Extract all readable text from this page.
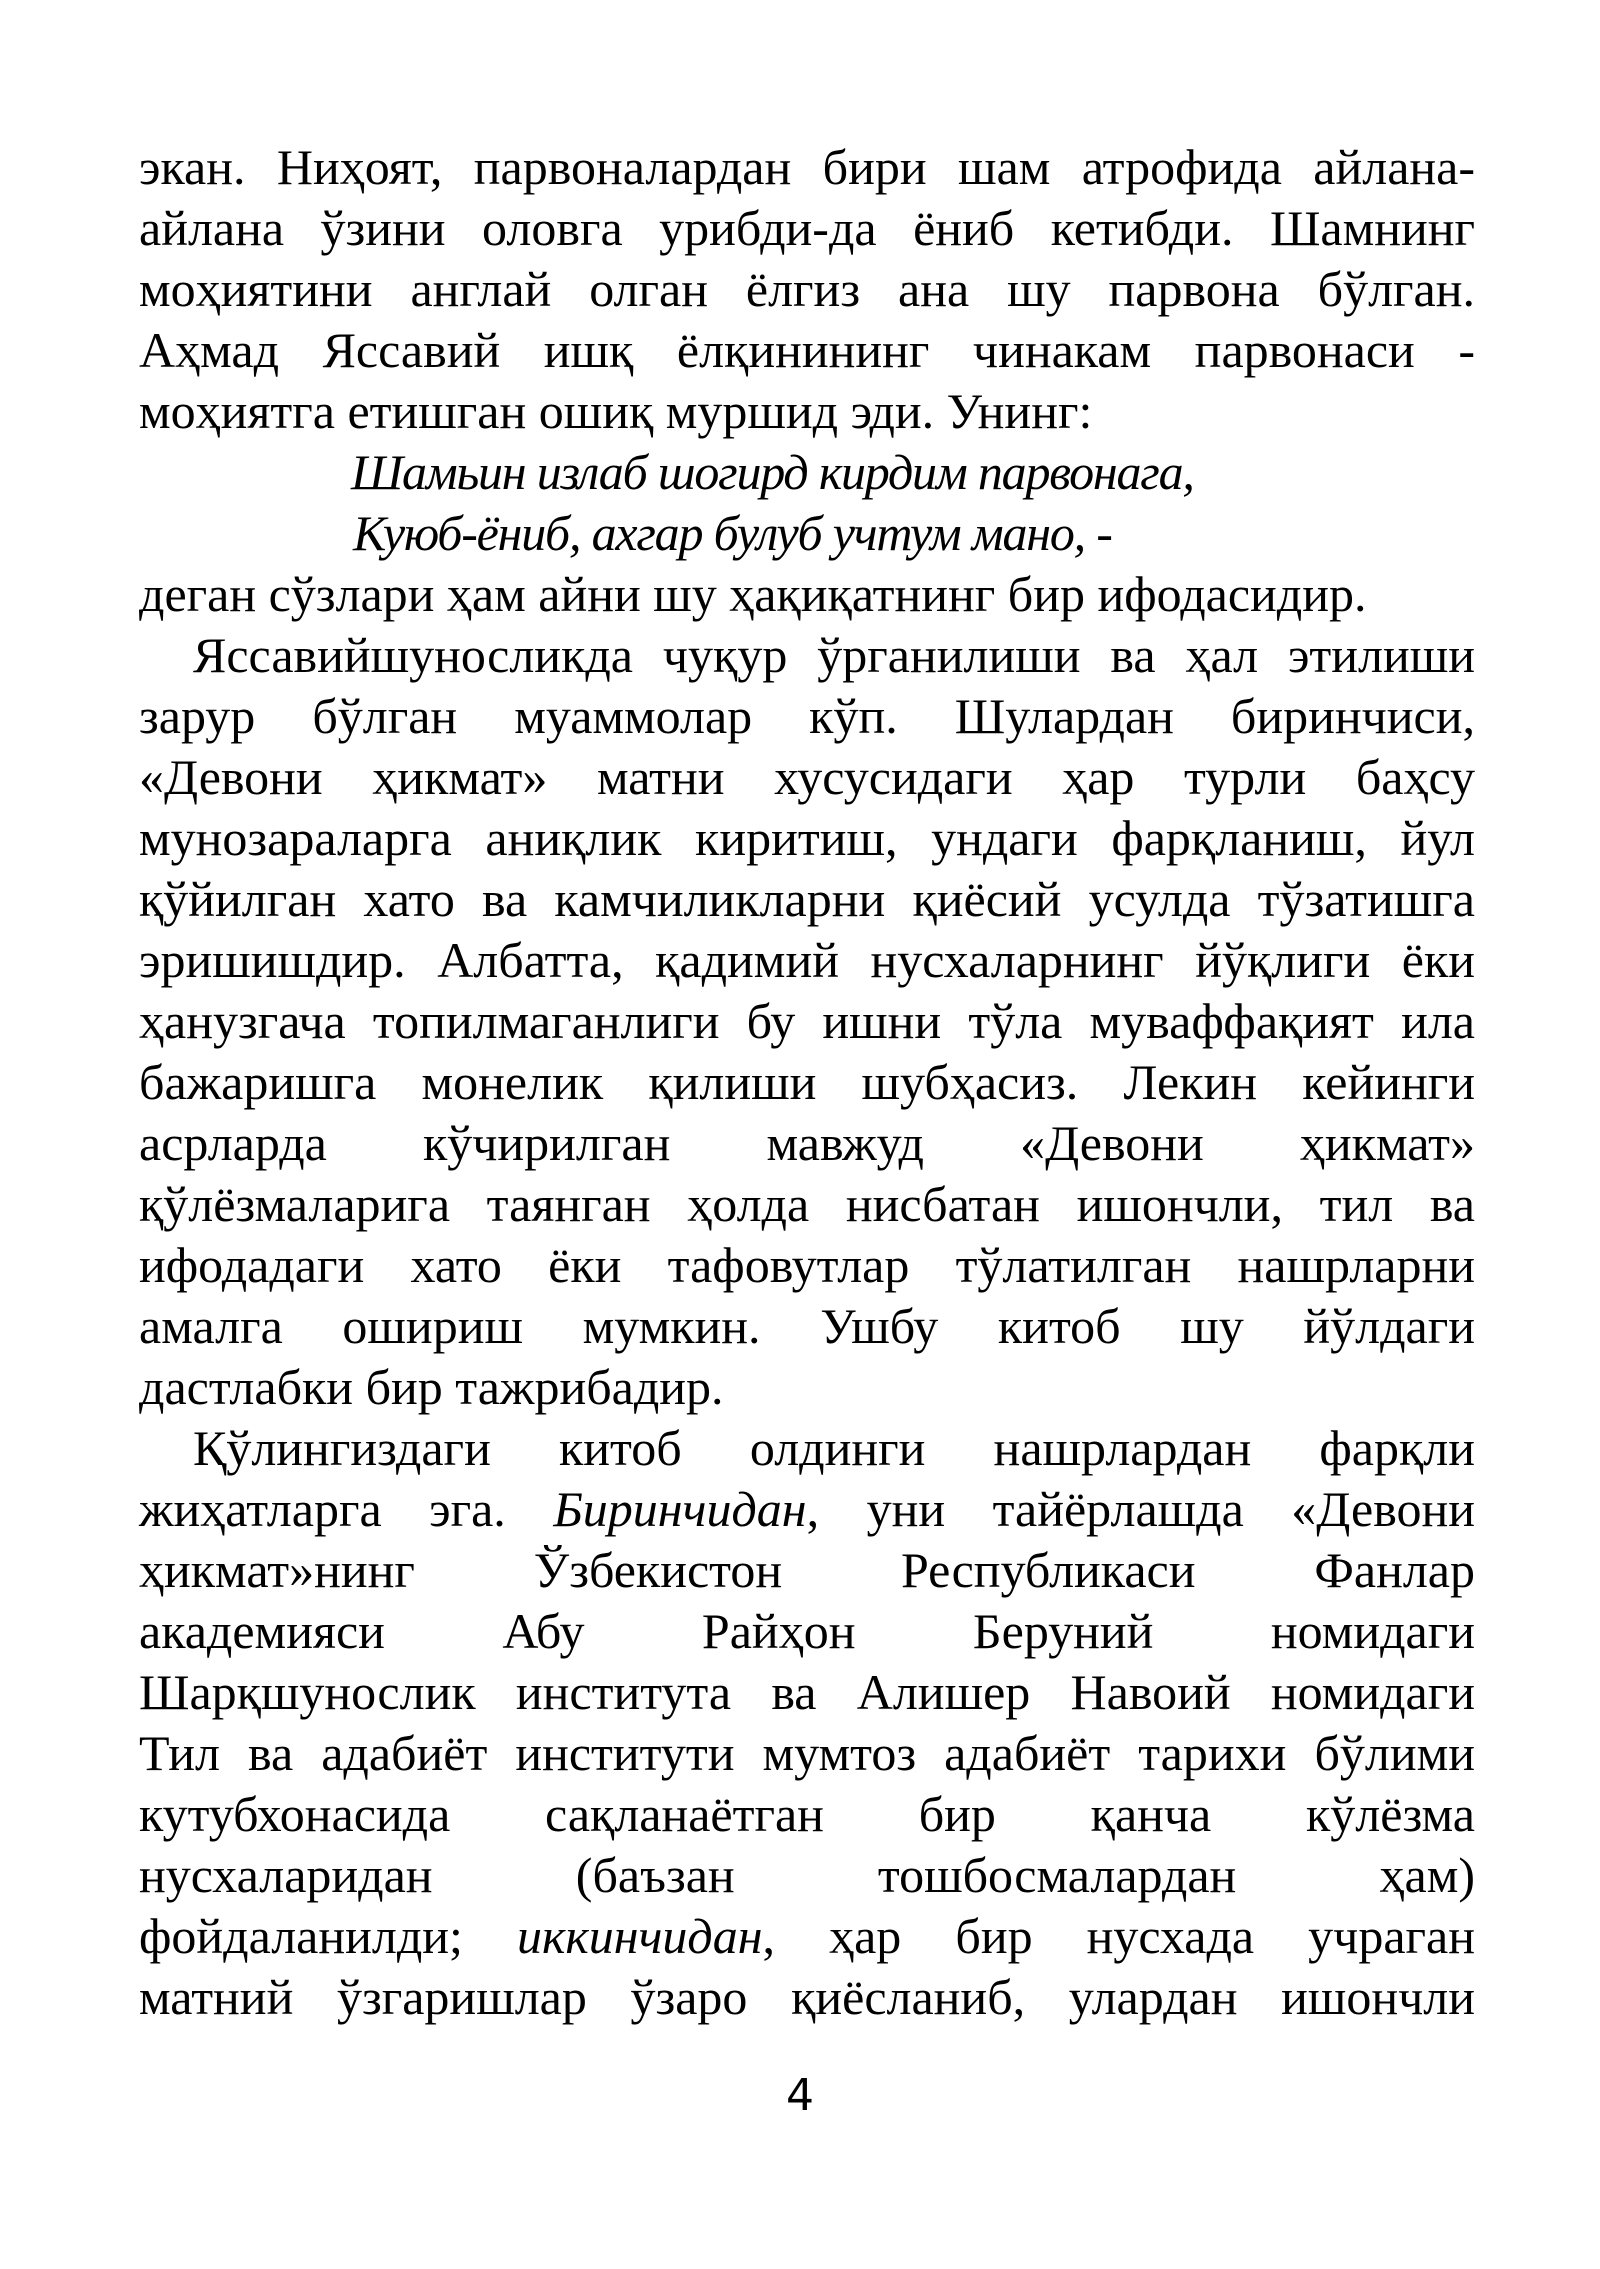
экан. Ниҳоят, парвоналардан бири шам атрофида айлана-
айлана ўзини оловга урибди-да ёниб кетибди. Шамнинг
моҳиятини англай олган ёлгиз ана шу парвона бўлган.
Аҳмад Яссавий ишқ ёлқинининг чинакам парвонаси -
моҳиятга етишган ошиқ муршид эди. Унинг:
Шамьин излаб шогирд кирдим парвонага,
Куюб-ёниб, ахгар булуб учтум мано, -
деган сўзлари ҳам айни шу ҳақиқатнинг бир ифодасидир.
Яссавийшуносликда чуқур ўрганилиши ва ҳал этилиши
зарур бўлган муаммолар кўп. Шулардан биринчиси,
«Девони ҳикмат» матни хусусидаги ҳар турли баҳсу
мунозараларга аниқлик киритиш, ундаги фарқланиш, йул
қўйилган хато ва камчиликларни қиёсий усулда тўзатишга
эришишдир. Албатта, қадимий нусхаларнинг йўқлиги ёки
ҳанузгача топилмаганлиги бу ишни тўла муваффақият ила
бажаришга монелик қилиши шубҳасиз. Лекин кейинги
асрларда кўчирилган мавжуд «Девони ҳикмат»
қўлёзмаларига таянган ҳолда нисбатан ишончли, тил ва
ифодадаги хато ёки тафовутлар тўлатилган нашрларни
амалга ошириш мумкин. Ушбу китоб шу йўлдаги
дастлабки бир тажрибадир.
Қўлингиздаги китоб олдинги нашрлардан фарқли
жиҳатларга эга. Биринчидан, уни тайёрлашда «Девони
ҳикмат»нинг Ўзбекистон Республикаси Фанлар
академияси Абу Райҳон Беруний номидаги
Шарқшунослик института ва Алишер Навоий номидаги
Тил ва адабиёт институти мумтоз адабиёт тарихи бўлими
кутубхонасида сақланаётган бир қанча кўлёзма
нусхаларидан (баъзан тошбосмалардан ҳам)
фойдаланилди; иккинчидан, ҳар бир нусхада учраган
матний ўзгаришлар ўзаро қиёсланиб, улардан ишончли
4
